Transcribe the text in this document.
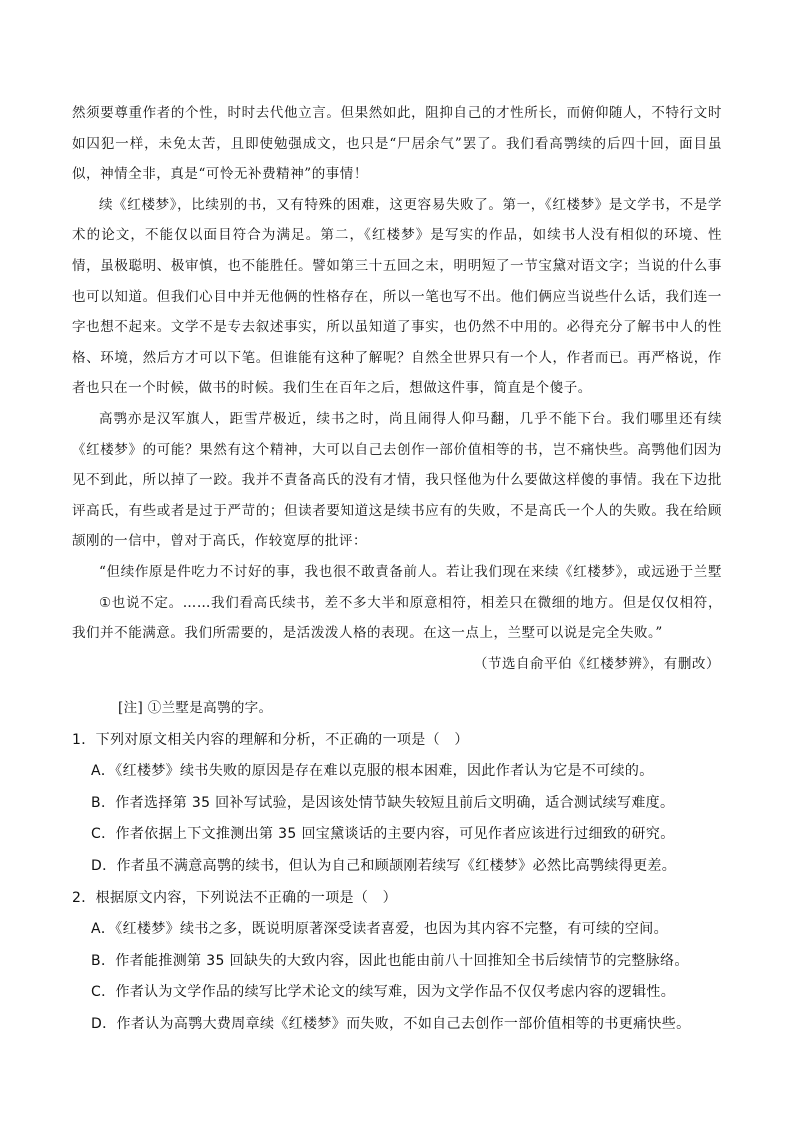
然须要尊重作者的个性，时时去代他立言。但果然如此，阻抑自己的才性所长，而俯仰随人，不特行文时如囚犯一样，未免太苦，且即使勉强成文，也只是“尸居余气”罢了。我们看高鹗续的后四十回，面目虽似，神情全非，真是“可怜无补费精神”的事情！

续《红楼梦》，比续别的书，又有特殊的困难，这更容易失败了。第一，《红楼梦》是文学书，不是学术的论文，不能仅以面目符合为满足。第二，《红楼梦》是写实的作品，如续书人没有相似的环境、性情，虽极聪明、极审慎，也不能胜任。譬如第三十五回之末，明明短了一节宝黛对语文字；当说的什么事也可以知道。但我们心目中并无他俩的性格存在，所以一笔也写不出。他们俩应当说些什么话，我们连一字也想不起来。文学不是专去叙述事实，所以虽知道了事实，也仍然不中用的。必得充分了解书中人的性格、环境，然后方才可以下笔。但谁能有这种了解呢？自然全世界只有一个人，作者而已。再严格说，作者也只在一个时候，做书的时候。我们生在百年之后，想做这件事，简直是个傻子。

高鹗亦是汉军旗人，距雪芹极近，续书之时，尚且闹得人仰马翻，几乎不能下台。我们哪里还有续《红楼梦》的可能？果然有这个精神，大可以自己去创作一部价值相等的书，岂不痛快些。高鹗他们因为见不到此，所以掉了一跤。我并不責备高氏的没有才情，我只怪他为什么要做这样傻的事情。我在下边批评高氏，有些或者是过于严苛的；但读者要知道这是续书应有的失败，不是高氏一个人的失败。我在给顾颉刚的一信中，曾对于高氏，作较宽厚的批评：

“但续作原是件吃力不讨好的事，我也很不敢責备前人。若让我们现在来续《红楼梦》，或远逊于兰墅①也说不定。……我们看高氏续书，差不多大半和原意相符，相差只在微细的地方。但是仅仅相符，我们并不能满意。我们所需要的，是活泼泼人格的表现。在这一点上，兰墅可以说是完全失败。”

（节选自俞平伯《红楼梦辨》，有删改）

[注] ①兰墅是高鹗的字。

1．下列对原文相关内容的理解和分析，不正确的一项是（　）

A．《红楼梦》续书失败的原因是存在难以克服的根本困难，因此作者认为它是不可续的。

B．作者选择第 35 回补写试验，是因该处情节缺失较短且前后文明确，适合测试续写难度。

C．作者依据上下文推测出第 35 回宝黛谈话的主要内容，可见作者应该进行过细致的研究。

D．作者虽不满意高鹗的续书，但认为自己和顾颉刚若续写《红楼梦》必然比高鹗续得更差。

2．根据原文内容，下列说法不正确的一项是（　）

A．《红楼梦》续书之多，既说明原著深受读者喜爱，也因为其内容不完整，有可续的空间。

B．作者能推测第 35 回缺失的大致内容，因此也能由前八十回推知全书后续情节的完整脉络。

C．作者认为文学作品的续写比学术论文的续写难，因为文学作品不仅仅考虑内容的逻辑性。

D．作者认为高鹗大费周章续《红楼梦》而失败，不如自己去创作一部价值相等的书更痛快些。
